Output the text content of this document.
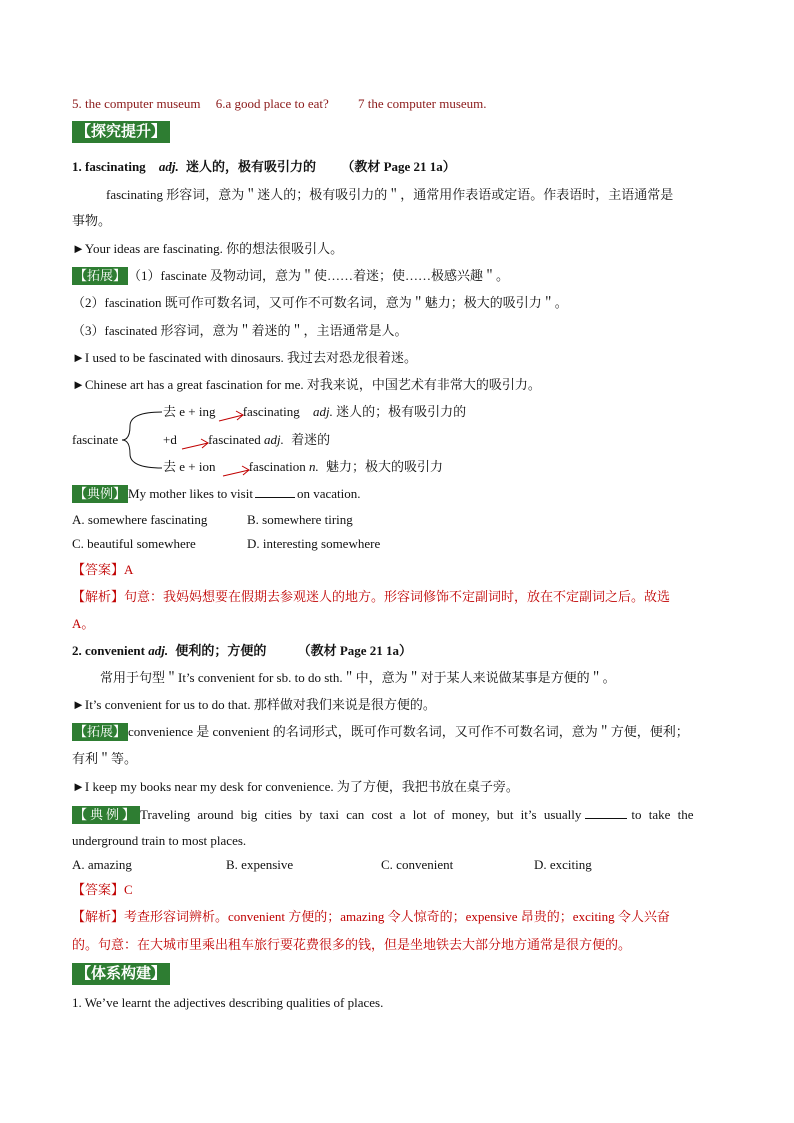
5. the computer museum 6.a good place to eat? 7 the computer museum.
【探究提升】
1. fascinating adj. 迷人的，极有吸引力的 （教材 Page 21 1a）
fascinating 形容词，意为＂迷人的；极有吸引力的＂，通常用作表语或定语。作表语时，主语通常是
事物。
►Your ideas are fascinating. 你的想法很吸引人。
【拓展】 （1）fascinate 及物动词，意为＂使……着迷；使……极感兴趣＂。
（2）fascination 既可作可数名词，又可作不可数名词，意为＂魅力；极大的吸引力＂。
（3）fascinated 形容词，意为＂着迷的＂，主语通常是人。
►I used to be fascinated with dinosaurs. 我过去对恐龙很着迷。
►Chinese art has a great fascination for me. 对我来说，中国艺术有非常大的吸引力。
fascinate
去 e + ing fascinating adj. 迷人的；极有吸引力的
+d fascinated adj. 着迷的
去 e + ion	fascination n. 魅力；极大的吸引力
【典例】 My mother likes to visit	on vacation.
A. somewhere fascinating	B. somewhere tiring
C. beautiful somewhere	D. interesting somewhere
【答案】A
【解析】句意：我妈妈想要在假期去参观迷人的地方。形容词修饰不定副词时，放在不定副词之后。故选
A。
2. convenient adj. 便利的；方便的 （教材 Page 21 1a）
常用于句型＂It’s convenient for sb. to do sth.＂中，意为＂对于某人来说做某事是方便的＂。
►It’s convenient for us to do that. 那样做对我们来说是很方便的。
【拓展】 convenience 是 convenient 的名词形式，既可作可数名词，又可作不可数名词，意为＂方便，便利；
有利＂等。
►I keep my books near my desk for convenience. 为了方便，我把书放在桌子旁。
【典例】 Traveling around big cities by taxi can cost a lot of money, but it’s usually	to take the
underground train to most places.
A. amazing	B. expensive	C. convenient	D. exciting
【答案】C
【解析】考查形容词辨析。convenient 方便的；amazing 令人惊奇的；expensive 昂贵的；exciting 令人兴奋
的。句意：在大城市里乘出租车旅行要花费很多的钱，但是坐地铁去大部分地方通常是很方便的。
【体系构建】
1. We’ve learnt the adjectives describing qualities of places.
